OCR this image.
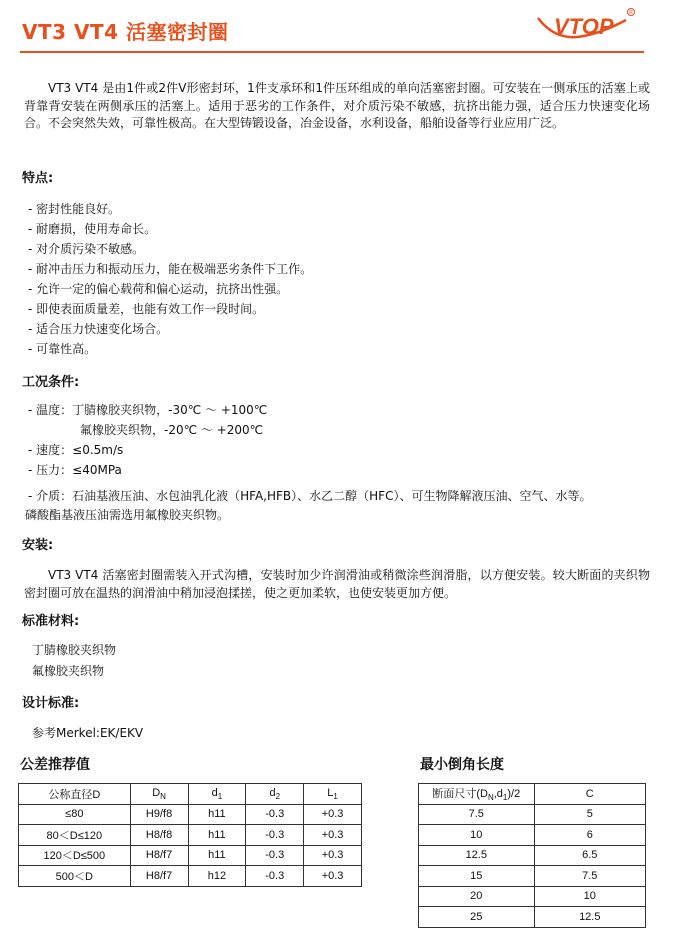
VT3 VT4 活塞密封圈	VTOP
R
VT3 VT4 是由1件或2件V形密封环，1件支承环和1件压环组成的单向活塞密封圈。可安装在一侧承压的活塞上或背靠背安装在两侧承压的活塞上。适用于恶劣的工作条件，对介质污染不敏感，抗挤出能力强，适合压力快速变化场合。不会突然失效，可靠性极高。在大型铸锻设备，冶金设备，水利设备，船舶设备等行业应用广泛。
特点:
- 密封性能良好。
- 耐磨损，使用寿命长。
- 对介质污染不敏感。
- 耐冲击压力和振动压力，能在极端恶劣条件下工作。
- 允许一定的偏心载荷和偏心运动，抗挤出性强。
- 即使表面质量差，也能有效工作一段时间。
- 适合压力快速变化场合。
- 可靠性高。
工况条件:
- 温度：丁腈橡胶夹织物，-30℃ ～ +100℃
氟橡胶夹织物，-20℃ ～ +200℃
- 速度：≤0.5m/s
- 压力：≤40MPa
- 介质：石油基液压油、水包油乳化液（HFA,HFB）、水乙二醇（HFC）、可生物降解液压油、空气、水等。
磷酸酯基液压油需选用氟橡胶夹织物。
安装:
VT3 VT4 活塞密封圈需装入开式沟槽，安装时加少许润滑油或稍微涂些润滑脂，以方便安装。较大断面的夹织物密封圈可放在温热的润滑油中稍加浸泡揉搓，使之更加柔软，也使安装更加方便。
标准材料:
丁腈橡胶夹织物
氟橡胶夹织物
设计标准:
参考Merkel:EK/EKV
公差推荐值
公称直径D	$D_N$	$d_1$	$d_2$	$L_1$
≤80	H9/f8	h11	-0.3	+0.3
80＜D≤120	H8/f8	h11	-0.3	+0.3
120＜D≤500	H8/f7	h11	-0.3	+0.3
500＜D	H8/f7	h12	-0.3	+0.3
最小倒角长度
断面尺寸$(D_N,d_1)/2$	C
7.5	5
10	6
12.5	6.5
15	7.5
20	10
25	12.5
